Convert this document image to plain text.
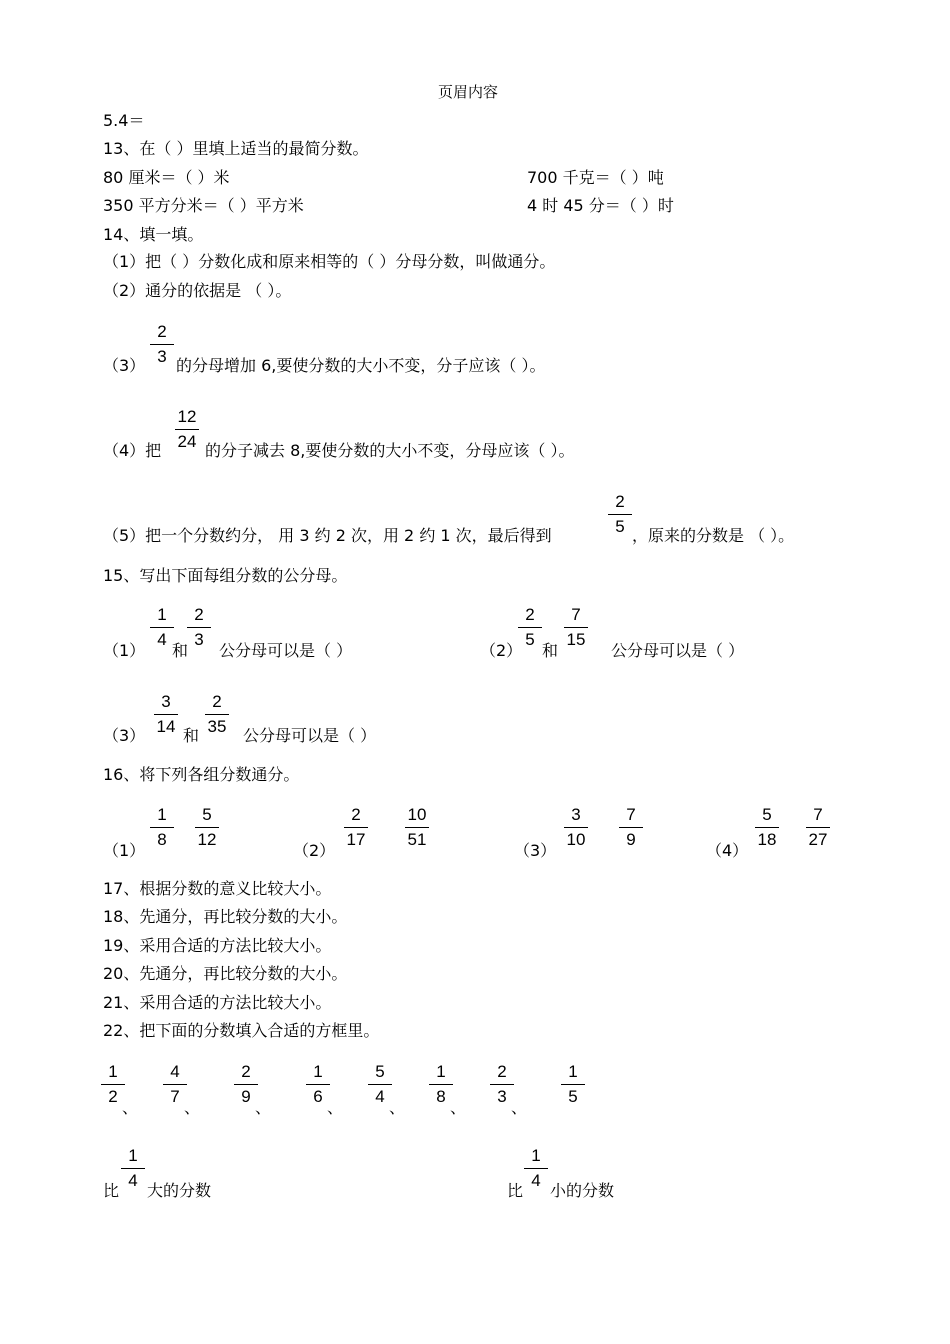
页眉内容
5.4＝
13、在（ ）里填上适当的最简分数。
80 厘米＝（ ）米	700 千克＝（ ）吨
350 平方分米＝（ ）平方米	4 时 45 分＝（ ）时
14、填一填。
（1）把（ ）分数化成和原来相等的（ ）分母分数，叫做通分。
（2）通分的依据是 （ ）。
（3）
2
3 的分母增加 6,要使分数的大小不变，分子应该（ ）。
（4）把
12
24 的分子减去 8,要使分数的大小不变，分母应该（ ）。
（5）把一个分数约分， 用 3 约 2 次，用 2 约 1 次，最后得到
2
5 ，原来的分数是 （ ）。
15、写出下面每组分数的公分母。
（1）
1
4
和
2
3
公分母可以是（ ）	（2）
2
5
和
7
15
公分母可以是（ ）
（3）
3
14 和
2
35	公分母可以是（ ）
16、将下列各组分数通分。
（1）
1
8
5
12
（2）
2
17
10
51
（3）
3
10
7
9
（4）
5
18
7
27
17、根据分数的意义比较大小。
18、先通分，再比较分数的大小。
19、采用合适的方法比较大小。
20、先通分，再比较分数的大小。
21、采用合适的方法比较大小。
22、把下面的分数填入合适的方框里。
1
2
、
4
7
、
2
9
、
1
6
、
5
4
、
1
8
、
2
3
、
1
5
比
1
4
大的分数	比
1
4
小的分数
